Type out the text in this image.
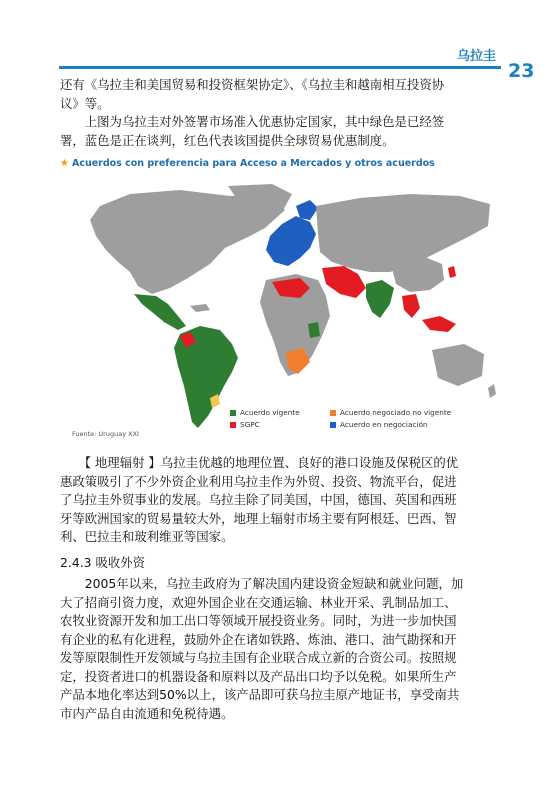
乌拉圭
23
还有《乌拉圭和美国贸易和投资框架协定》、《乌拉圭和越南相互投资协
议》等。
　　上图为乌拉圭对外签署市场准入优惠协定国家，其中绿色是已经签
署，蓝色是正在谈判，红色代表该国提供全球贸易优惠制度。
★ Acuerdos con preferencia para Acceso a Mercados y otros acuerdos
Acuerdo vigente
SGPC
Acuerdo negociado no vigente
Acuerdo en negociación
Fuente: Uruguay XXI
　　【 地理辐射 】乌拉圭优越的地理位置、良好的港口设施及保税区的优
惠政策吸引了不少外资企业利用乌拉圭作为外贸、投资、物流平台，促进
了乌拉圭外贸事业的发展。乌拉圭除了同美国，中国，德国、英国和西班
牙等欧洲国家的贸易量较大外，地理上辐射市场主要有阿根廷、巴西、智
利、巴拉圭和玻利维亚等国家。
2.4.3 吸收外资
　　2005年以来，乌拉圭政府为了解决国内建设资金短缺和就业问题，加
大了招商引资力度，欢迎外国企业在交通运输、林业开采、乳制品加工、
农牧业资源开发和加工出口等领域开展投资业务。同时，为进一步加快国
有企业的私有化进程，鼓励外企在诸如铁路、炼油、港口、油气勘探和开
发等原限制性开发领域与乌拉圭国有企业联合成立新的合资公司。按照规
定，投资者进口的机器设备和原料以及产品出口均予以免税。如果所生产
产品本地化率达到50%以上，该产品即可获乌拉圭原产地证书，享受南共
市内产品自由流通和免税待遇。
